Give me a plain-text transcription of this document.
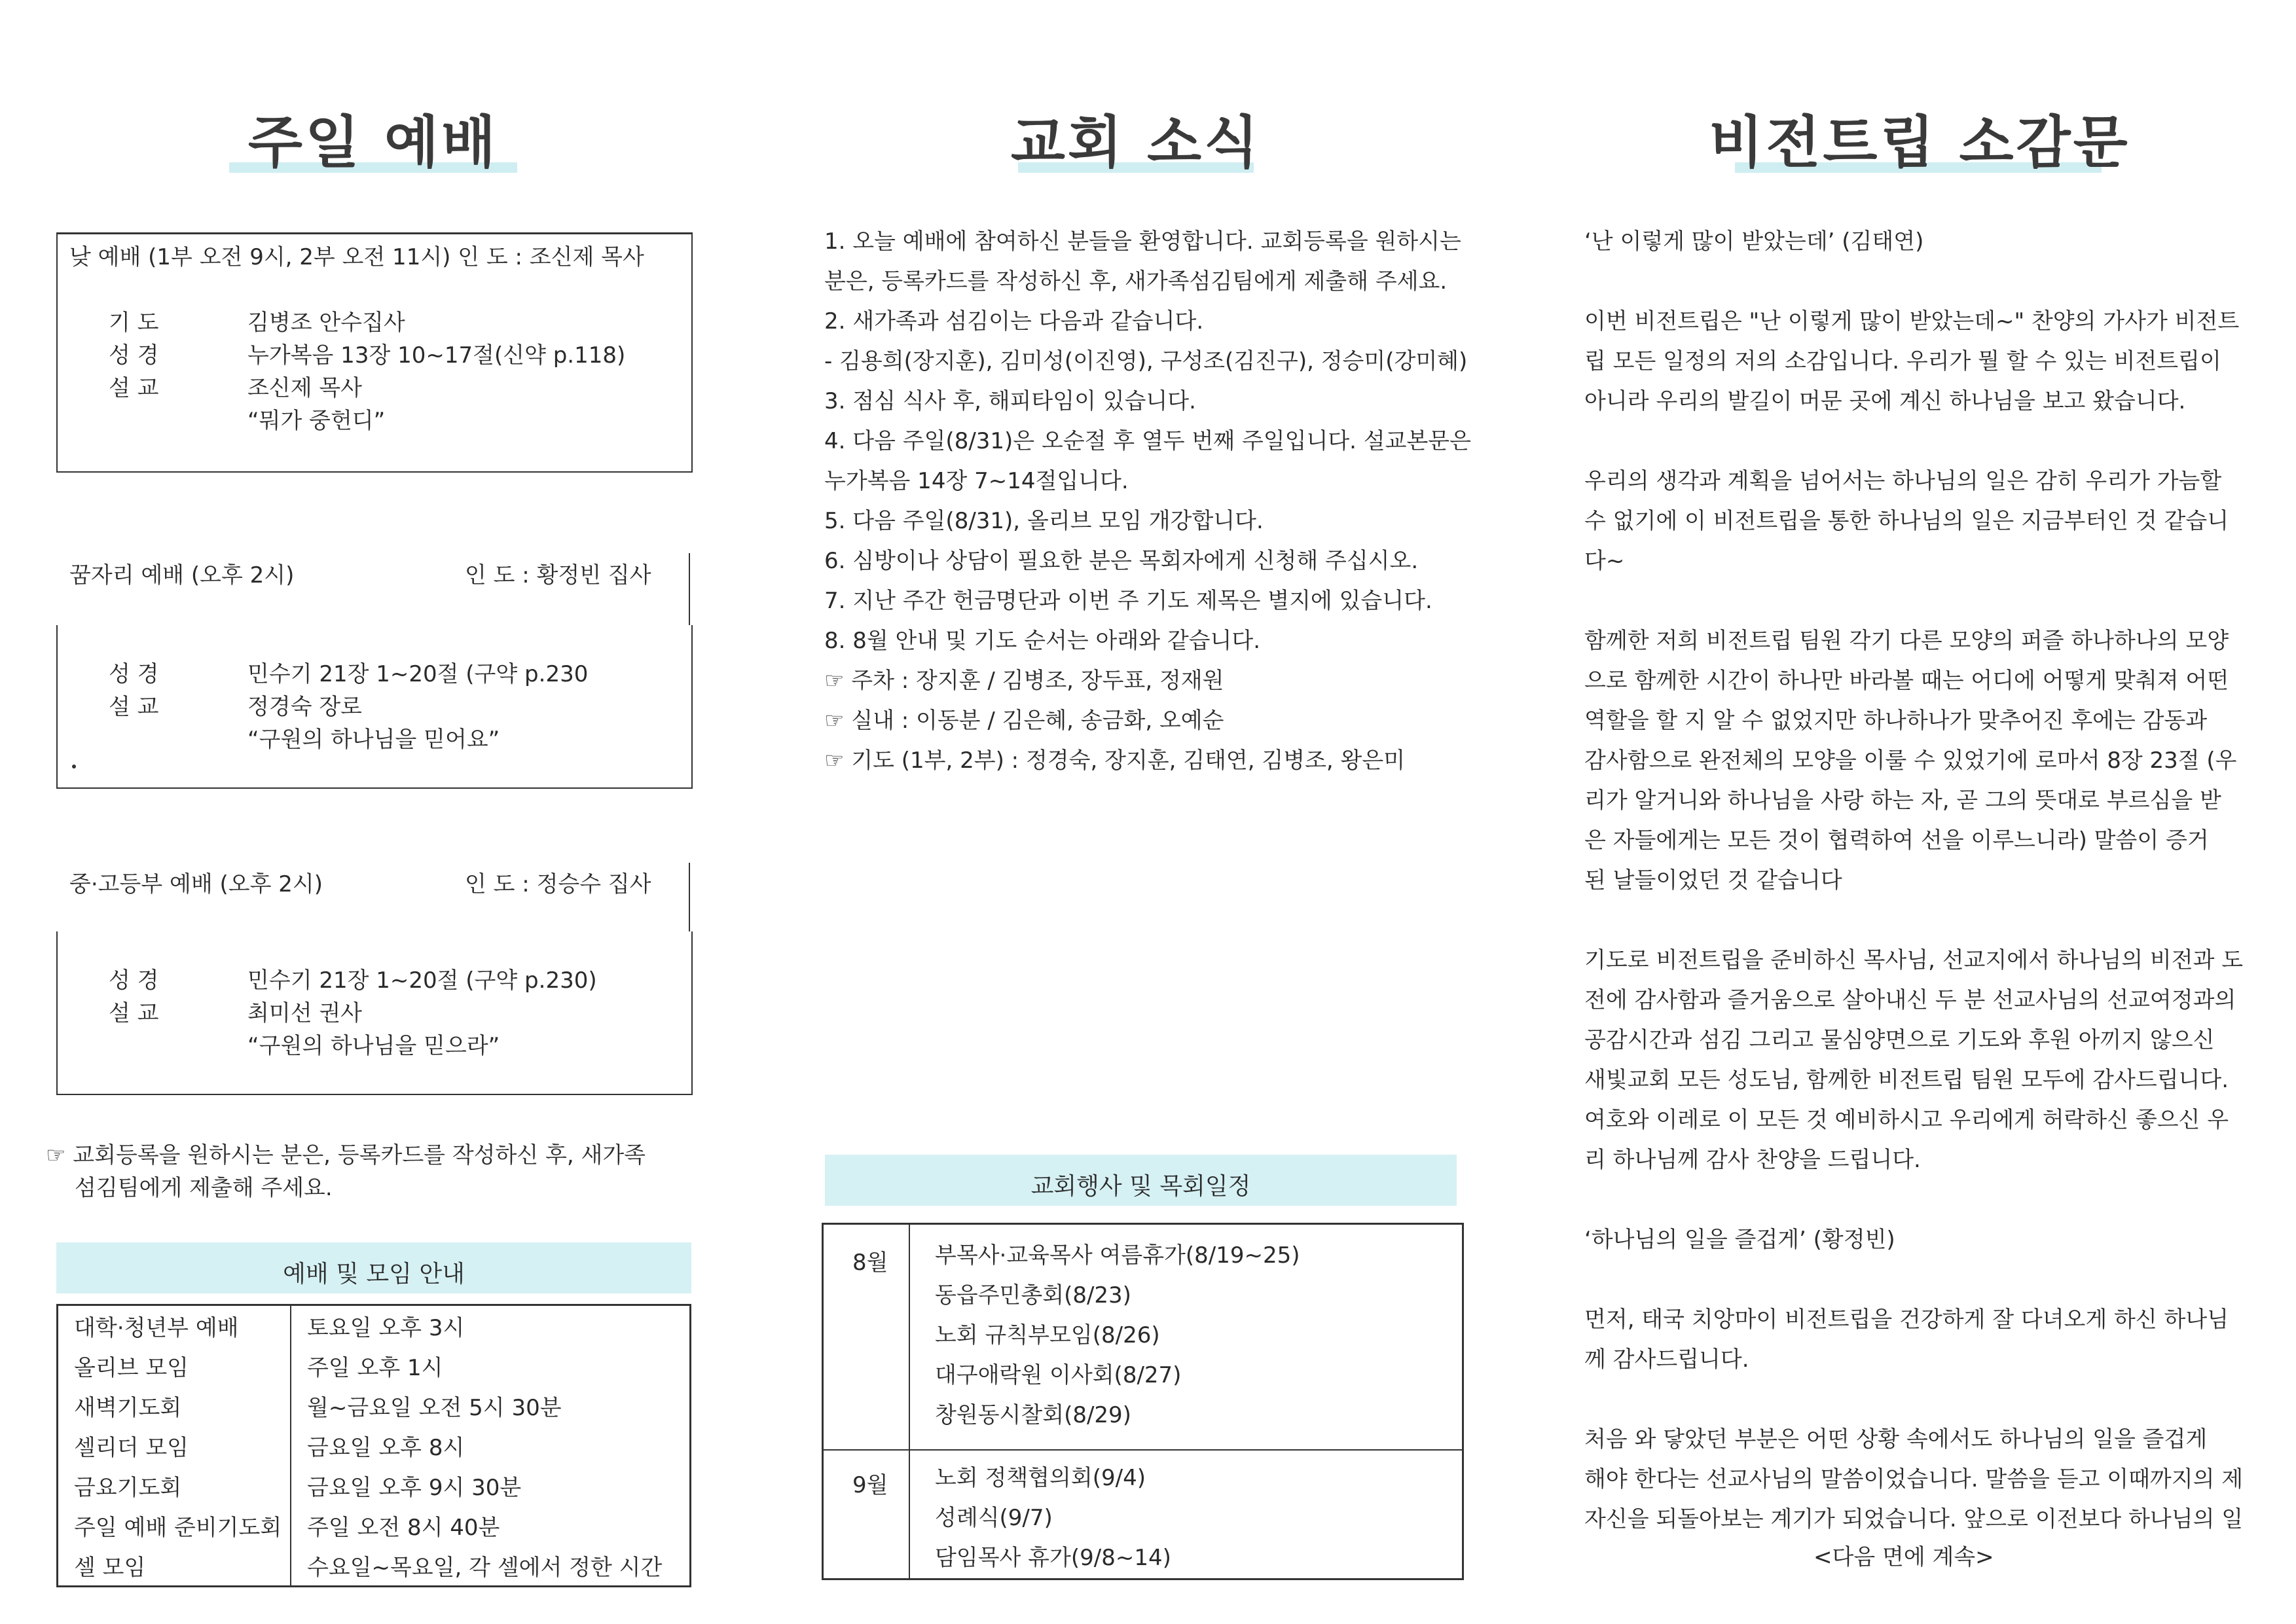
주일 예배
낮 예배 (1부 오전 9시, 2부 오전 11시) 인 도 : 조신제 목사
기 도	김병조 안수집사
성 경	누가복음 13장 10~17절(신약 p.118)
설 교	조신제 목사
“뭐가 중헌디”
꿈자리 예배 (오후 2시)	인 도 : 황정빈 집사
성 경	민수기 21장 1~20절 (구약 p.230
설 교	정경숙 장로
“구원의 하나님을 믿어요”
중·고등부 예배 (오후 2시)	인 도 : 정승수 집사
성 경	민수기 21장 1~20절 (구약 p.230)
설 교	최미선 권사
“구원의 하나님을 믿으라”
☞ 교회등록을 원하시는 분은, 등록카드를 작성하신 후, 새가족
섬김팀에게 제출해 주세요.
예배 및 모임 안내
대학·청년부 예배	토요일 오후 3시
올리브 모임	주일 오후 1시
새벽기도회	월~금요일 오전 5시 30분
셀리더 모임	금요일 오후 8시
금요기도회	금요일 오후 9시 30분
주일 예배 준비기도회	주일 오전 8시 40분
셀 모임	수요일~목요일, 각 셀에서 정한 시간
교회 소식
1. 오늘 예배에 참여하신 분들을 환영합니다. 교회등록을 원하시는
분은, 등록카드를 작성하신 후, 새가족섬김팀에게 제출해 주세요.
2. 새가족과 섬김이는 다음과 같습니다.
- 김용희(장지훈), 김미성(이진영), 구성조(김진구), 정승미(강미혜)
3. 점심 식사 후, 해피타임이 있습니다.
4. 다음 주일(8/31)은 오순절 후 열두 번째 주일입니다. 설교본문은
누가복음 14장 7~14절입니다.
5. 다음 주일(8/31), 올리브 모임 개강합니다.
6. 심방이나 상담이 필요한 분은 목회자에게 신청해 주십시오.
7. 지난 주간 헌금명단과 이번 주 기도 제목은 별지에 있습니다.
8. 8월 안내 및 기도 순서는 아래와 같습니다.
☞ 주차 : 장지훈 / 김병조, 장두표, 정재원
☞ 실내 : 이동분 / 김은혜, 송금화, 오예순
☞ 기도 (1부, 2부) : 정경숙, 장지훈, 김태연, 김병조, 왕은미
교회행사 및 목회일정
8월 부목사·교육목사 여름휴가(8/19~25)
동읍주민총회(8/23)
노회 규칙부모임(8/26)
대구애락원 이사회(8/27)
창원동시찰회(8/29)
9월 노회 정책협의회(9/4)
성례식(9/7)
담임목사 휴가(9/8~14)
비전트립 소감문
‘난 이렇게 많이 받았는데’ (김태연)
이번 비전트립은 "난 이렇게 많이 받았는데~" 찬양의 가사가 비전트
립 모든 일정의 저의 소감입니다. 우리가 뭘 할 수 있는 비전트립이
아니라 우리의 발길이 머문 곳에 계신 하나님을 보고 왔습니다.
우리의 생각과 계획을 넘어서는 하나님의 일은 감히 우리가 가늠할
수 없기에 이 비전트립을 통한 하나님의 일은 지금부터인 것 같습니
다~
함께한 저희 비전트립 팀원 각기 다른 모양의 퍼즐 하나하나의 모양
으로 함께한 시간이 하나만 바라볼 때는 어디에 어떻게 맞춰져 어떤
역할을 할 지 알 수 없었지만 하나하나가 맞추어진 후에는 감동과
감사함으로 완전체의 모양을 이룰 수 있었기에 로마서 8장 23절 (우
리가 알거니와 하나님을 사랑 하는 자, 곧 그의 뜻대로 부르심을 받
은 자들에게는 모든 것이 협력하여 선을 이루느니라) 말씀이 증거
된 날들이었던 것 같습니다
기도로 비전트립을 준비하신 목사님, 선교지에서 하나님의 비전과 도
전에 감사함과 즐거움으로 살아내신 두 분 선교사님의 선교여정과의
공감시간과 섬김 그리고 물심양면으로 기도와 후원 아끼지 않으신
새빛교회 모든 성도님, 함께한 비전트립 팀원 모두에 감사드립니다.
여호와 이레로 이 모든 것 예비하시고 우리에게 허락하신 좋으신 우
리 하나님께 감사 찬양을 드립니다.
‘하나님의 일을 즐겁게’ (황정빈)
먼저, 태국 치앙마이 비전트립을 건강하게 잘 다녀오게 하신 하나님
께 감사드립니다.
처음 와 닿았던 부분은 어떤 상황 속에서도 하나님의 일을 즐겁게
해야 한다는 선교사님의 말씀이었습니다. 말씀을 듣고 이때까지의 제
자신을 되돌아보는 계기가 되었습니다. 앞으로 이전보다 하나님의 일
<다음 면에 계속>
